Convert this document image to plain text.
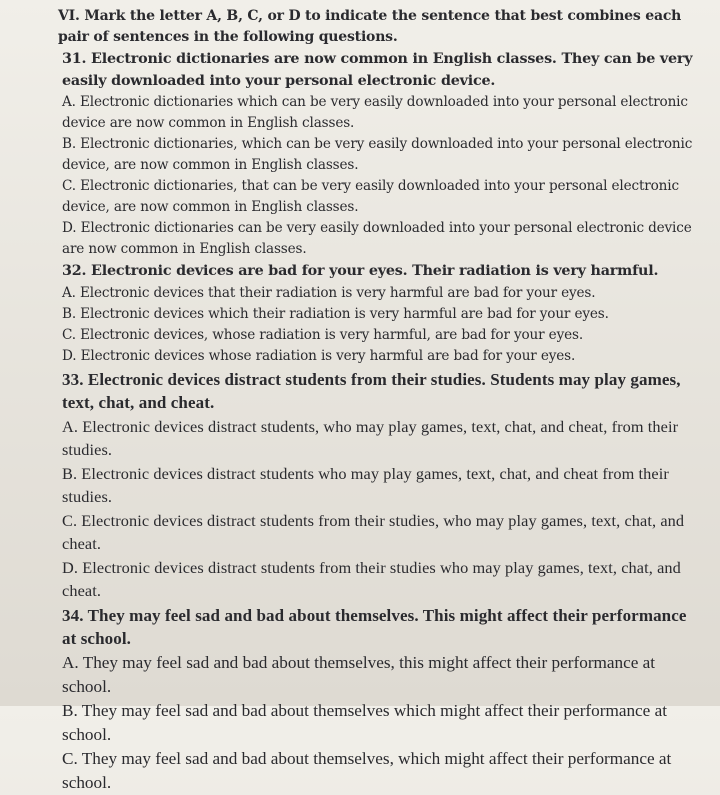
VI. Mark the letter A, B, C, or D to indicate the sentence that best combines each pair of sentences in the following questions.
31. Electronic dictionaries are now common in English classes. They can be very easily downloaded into your personal electronic device.
A. Electronic dictionaries which can be very easily downloaded into your personal electronic device are now common in English classes.
B. Electronic dictionaries, which can be very easily downloaded into your personal electronic device, are now common in English classes.
C. Electronic dictionaries, that can be very easily downloaded into your personal electronic device, are now common in English classes.
D. Electronic dictionaries can be very easily downloaded into your personal electronic device are now common in English classes.
32. Electronic devices are bad for your eyes. Their radiation is very harmful.
A. Electronic devices that their radiation is very harmful are bad for your eyes.
B. Electronic devices which their radiation is very harmful are bad for your eyes.
C. Electronic devices, whose radiation is very harmful, are bad for your eyes.
D. Electronic devices whose radiation is very harmful are bad for your eyes.
33. Electronic devices distract students from their studies. Students may play games, text, chat, and cheat.
A. Electronic devices distract students, who may play games, text, chat, and cheat, from their studies.
B. Electronic devices distract students who may play games, text, chat, and cheat from their studies.
C. Electronic devices distract students from their studies, who may play games, text, chat, and cheat.
D. Electronic devices distract students from their studies who may play games, text, chat, and cheat.
34. They may feel sad and bad about themselves. This might affect their performance at school.
A. They may feel sad and bad about themselves, this might affect their performance at school.
B. They may feel sad and bad about themselves which might affect their performance at school.
C. They may feel sad and bad about themselves, which might affect their performance at school.
